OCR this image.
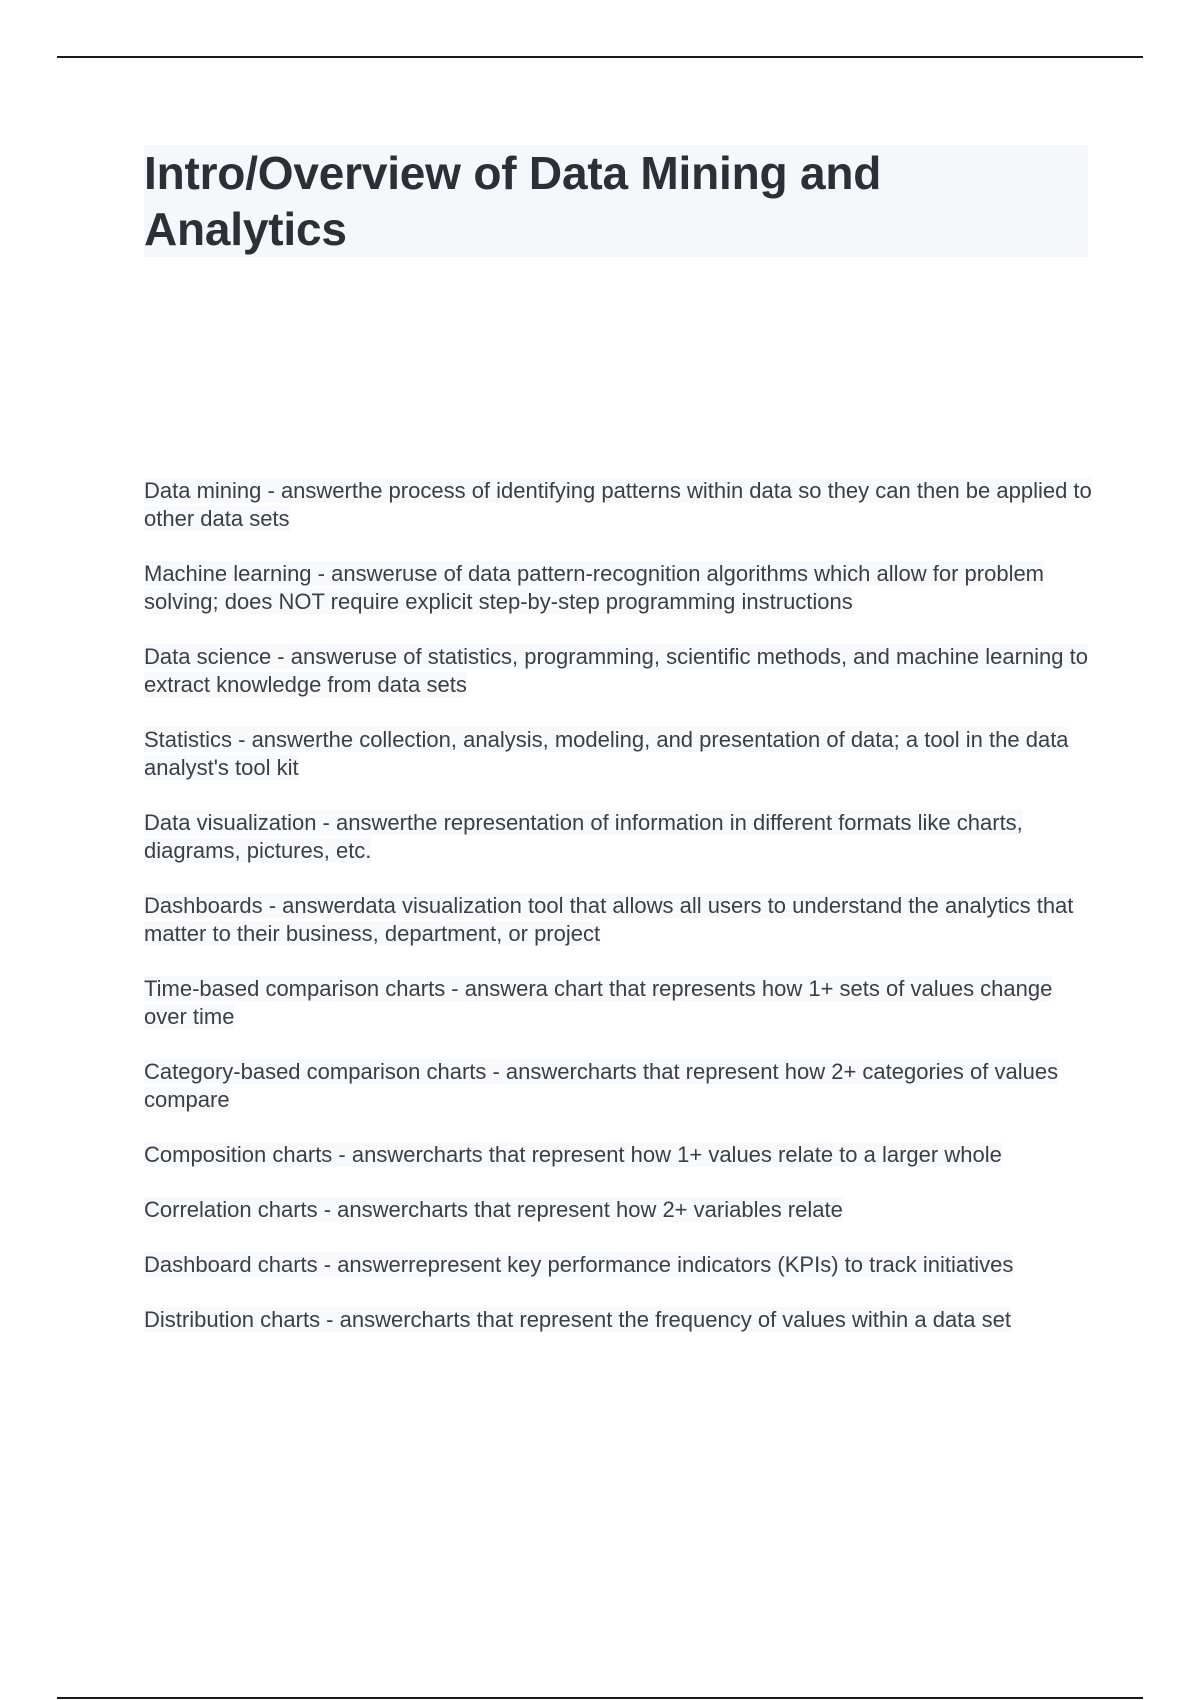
Intro/Overview of Data Mining and Analytics

Data mining - answerthe process of identifying patterns within data so they can then be applied to other data sets

Machine learning - answeruse of data pattern-recognition algorithms which allow for problem solving; does NOT require explicit step-by-step programming instructions

Data science - answeruse of statistics, programming, scientific methods, and machine learning to extract knowledge from data sets

Statistics - answerthe collection, analysis, modeling, and presentation of data; a tool in the data analyst's tool kit

Data visualization - answerthe representation of information in different formats like charts, diagrams, pictures, etc.

Dashboards - answerdata visualization tool that allows all users to understand the analytics that matter to their business, department, or project

Time-based comparison charts - answera chart that represents how 1+ sets of values change over time

Category-based comparison charts - answercharts that represent how 2+ categories of values compare

Composition charts - answercharts that represent how 1+ values relate to a larger whole

Correlation charts - answercharts that represent how 2+ variables relate

Dashboard charts - answerrepresent key performance indicators (KPIs) to track initiatives

Distribution charts - answercharts that represent the frequency of values within a data set
